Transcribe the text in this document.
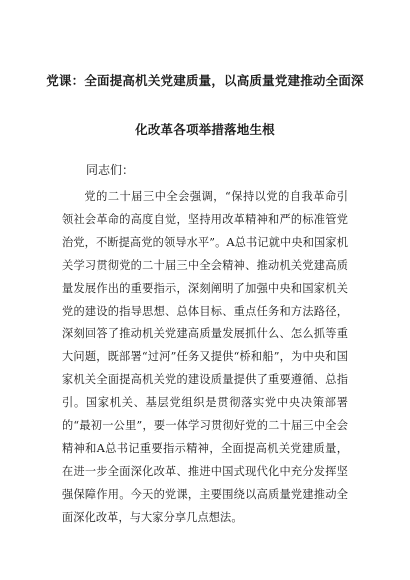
党课：全面提高机关党建质量，以高质量党建推动全面深
化改革各项举措落地生根
同志们：

党的二十届三中全会强调，“保持以党的自我革命引领社会革命的高度自觉，坚持用改革精神和严的标准管党治党，不断提高党的领导水平”。A总书记就中央和国家机关学习贯彻党的二十届三中全会精神、推动机关党建高质量发展作出的重要指示，深刻阐明了加强中央和国家机关党的建设的指导思想、总体目标、重点任务和方法路径，深刻回答了推动机关党建高质量发展抓什么、怎么抓等重大问题，既部署“过河”任务又提供“桥和船”，为中央和国家机关全面提高机关党的建设质量提供了重要遵循、总指引。国家机关、基层党组织是贯彻落实党中央决策部署的“最初一公里”，要一体学习贯彻好党的二十届三中全会精神和A总书记重要指示精神，全面提高机关党建质量，在进一步全面深化改革、推进中国式现代化中充分发挥坚强保障作用。今天的党课，主要围绕以高质量党建推动全面深化改革，与大家分享几点想法。
